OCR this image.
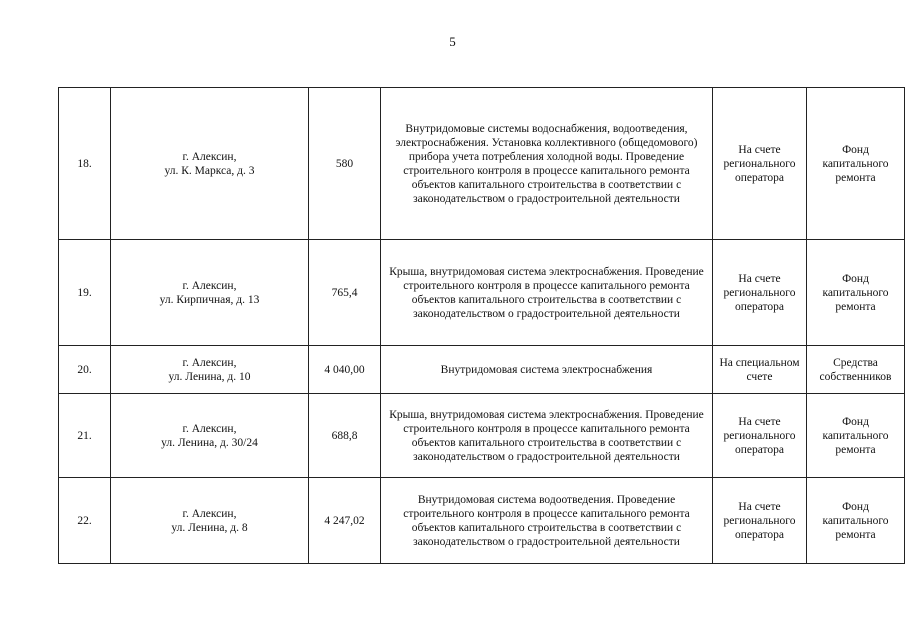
5
18.	г. Алексин,
ул. К. Маркса, д. 3	580	Внутридомовые системы водоснабжения, водоотведения, электроснабжения. Установка коллективного (общедомового) прибора учета потребления холодной воды. Проведение строительного контроля в процессе капитального ремонта объектов капитального строительства в соответствии с законодательством о градостроительной деятельности	На счете регионального оператора	Фонд капитального ремонта
19.	г. Алексин,
ул. Кирпичная, д. 13	765,4	Крыша, внутридомовая система электроснабжения. Проведение строительного контроля в процессе капитального ремонта объектов капитального строительства в соответствии с законодательством о градостроительной деятельности	На счете регионального оператора	Фонд капитального ремонта
20.	г. Алексин,
ул. Ленина, д. 10	4 040,00	Внутридомовая система электроснабжения	На специальном счете	Средства собственников
21.	г. Алексин,
ул. Ленина, д. 30/24	688,8	Крыша, внутридомовая система электроснабжения. Проведение строительного контроля в процессе капитального ремонта объектов капитального строительства в соответствии с законодательством о градостроительной деятельности	На счете регионального оператора	Фонд капитального ремонта
22.	г. Алексин,
ул. Ленина, д. 8	4 247,02	Внутридомовая система водоотведения. Проведение строительного контроля в процессе капитального ремонта объектов капитального строительства в соответствии с законодательством о градостроительной деятельности	На счете регионального оператора	Фонд капитального ремонта
